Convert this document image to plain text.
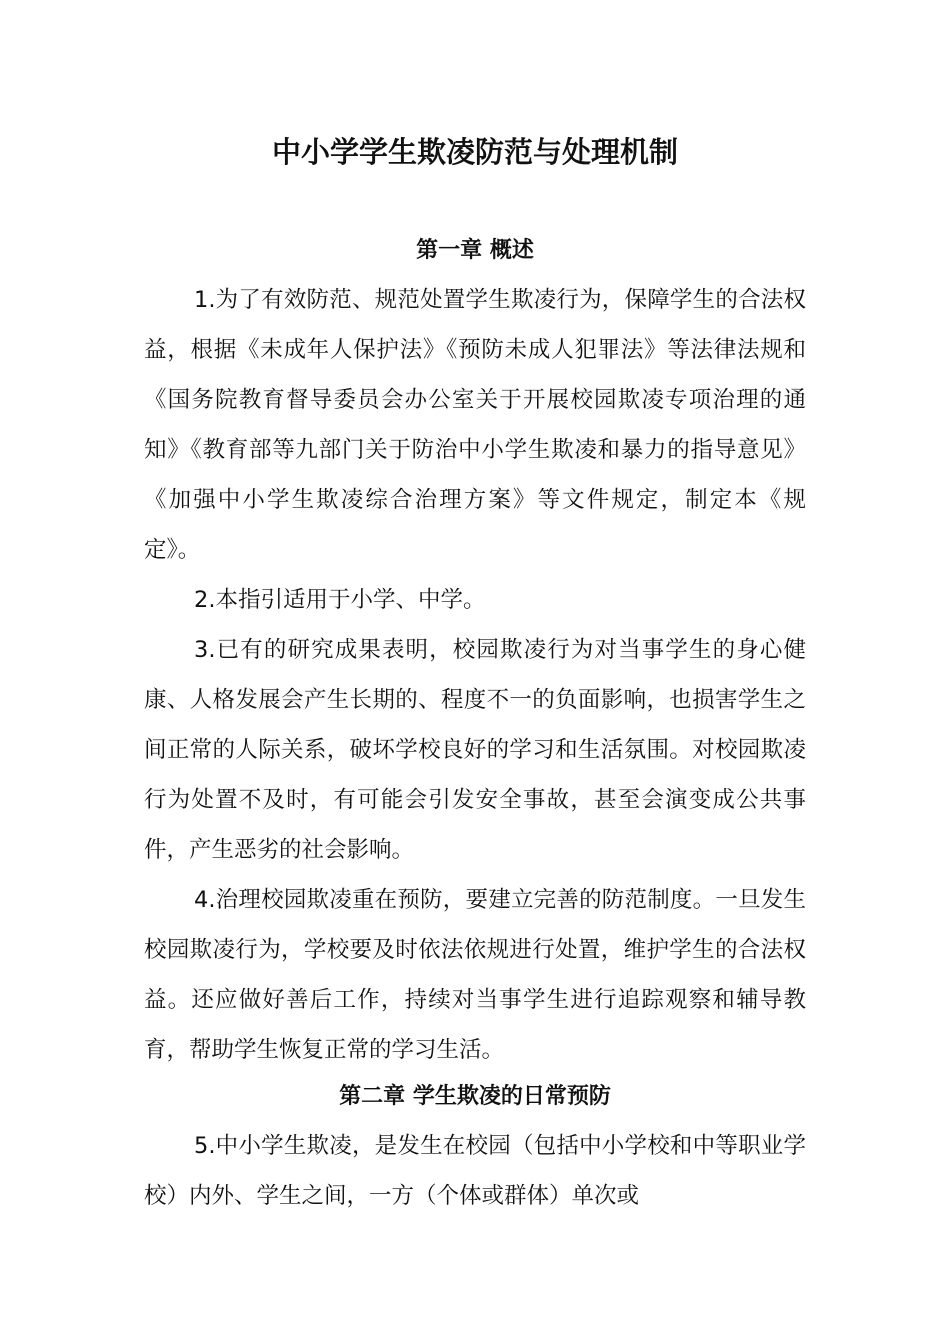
中小学学生欺凌防范与处理机制
第一章 概述

1.为了有效防范、规范处置学生欺凌行为，保障学生的合法权益，根据《未成年人保护法》《预防未成人犯罪法》等法律法规和《国务院教育督导委员会办公室关于开展校园欺凌专项治理的通知》《教育部等九部门关于防治中小学生欺凌和暴力的指导意见》《加强中小学生欺凌综合治理方案》等文件规定，制定本《规定》。

2.本指引适用于小学、中学。

3.已有的研究成果表明，校园欺凌行为对当事学生的身心健康、人格发展会产生长期的、程度不一的负面影响，也损害学生之间正常的人际关系，破坏学校良好的学习和生活氛围。对校园欺凌行为处置不及时，有可能会引发安全事故，甚至会演变成公共事件，产生恶劣的社会影响。

4.治理校园欺凌重在预防，要建立完善的防范制度。一旦发生校园欺凌行为，学校要及时依法依规进行处置，维护学生的合法权益。还应做好善后工作，持续对当事学生进行追踪观察和辅导教育，帮助学生恢复正常的学习生活。

第二章 学生欺凌的日常预防

5.中小学生欺凌，是发生在校园（包括中小学校和中等职业学校）内外、学生之间，一方（个体或群体）单次或
